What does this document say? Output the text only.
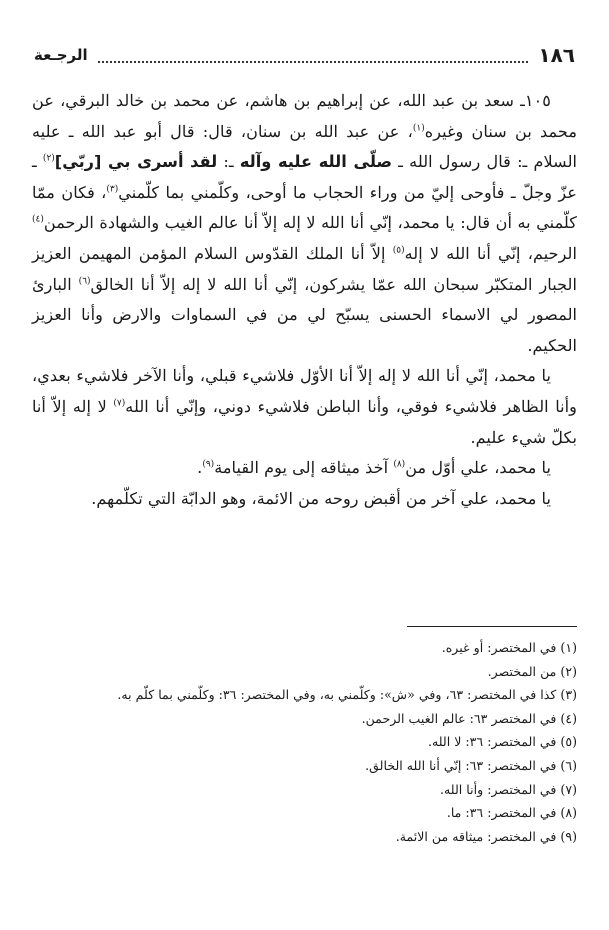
١٨٦
الرجـعة

١٠٥ـ سعد بن عبد الله، عن إبراهيم بن هاشم، عن محمد بن خالد البرقي، عن محمد بن سنان وغيره$^{(١)}$، عن عبد الله بن سنان، قال: قال أبو عبد الله ـ عليه السلام ـ: قال رسول الله ـ صلّى الله عليه وآله ـ: لقد أسرى بي [ربّي]$^{(٢)}$ ـ عزّ وجلّ ـ فأوحى إليّ من وراء الحجاب ما أوحى، وكلّمني بما كلّمني$^{(٣)}$، فكان ممّا كلّمني به أن قال: يا محمد، إنّي أنا الله لا إله إلاّ أنا عالم الغيب والشهادة الرحمن$^{(٤)}$ الرحيم، إنّي أنا الله لا إله$^{(٥)}$ إلاّ أنا الملك القدّوس السلام المؤمن المهيمن العزيز الجبار المتكبّر سبحان الله عمّا يشركون، إنّي أنا الله لا إله إلاّ أنا الخالق$^{(٦)}$ البارئ المصور لي الاسماء الحسنى يسبّح لي من في السماوات والارض وأنا العزيز الحكيم.

يا محمد، إنّي أنا الله لا إله إلاّ أنا الأوّل فلاشيء قبلي، وأنا الآخر فلاشيء بعدي، وأنا الظاهر فلاشيء فوقي، وأنا الباطن فلاشيء دوني، وإنّي أنا الله$^{(٧)}$ لا إله إلاّ أنا بكلّ شيء عليم.

يا محمد، علي أوّل من$^{(٨)}$ آخذ ميثاقه إلى يوم القيامة$^{(٩)}$.

يا محمد، علي آخر من أقبض روحه من الائمة، وهو الدابّة التي تكلّمهم.

(١) في المختصر: أو غيره.
(٢) من المختصر.
(٣) كذا في المختصر: ٦٣، وفي «ش»: وكلّمني به، وفي المختصر: ٣٦: وكلّمني بما كلّم به.
(٤) في المختصر ٦٣: عالم الغيب الرحمن.
(٥) في المختصر: ٣٦: لا الله.
(٦) في المختصر: ٦٣: إنّي أنا الله الخالق.
(٧) في المختصر: وأنا الله.
(٨) في المختصر: ٣٦: ما.
(٩) في المختصر: ميثاقه من الائمة.
